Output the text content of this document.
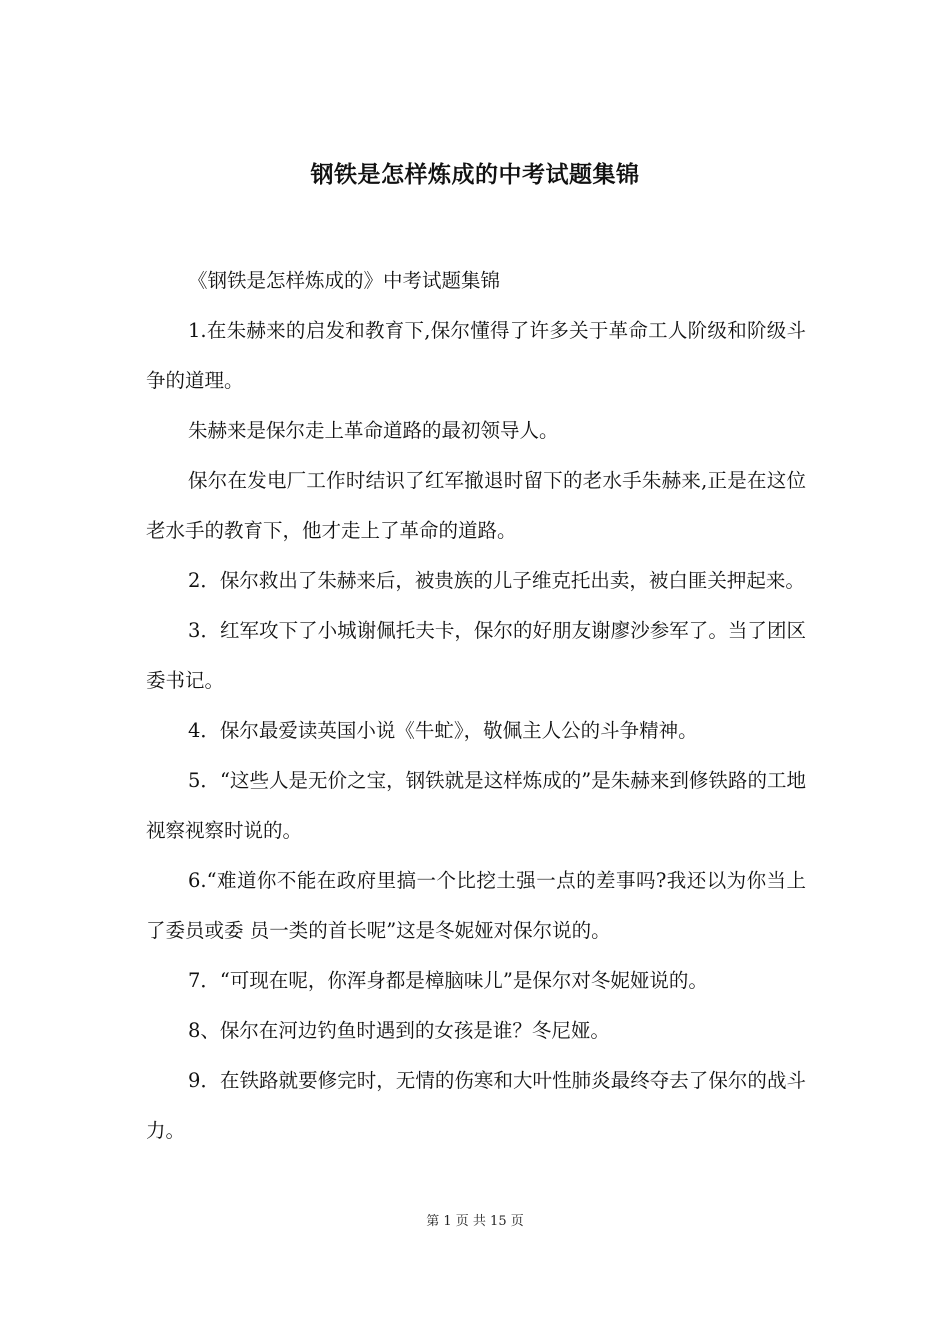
钢铁是怎样炼成的中考试题集锦

《钢铁是怎样炼成的》中考试题集锦

1.在朱赫来的启发和教育下,保尔懂得了许多关于革命工人阶级和阶级斗争的道理。

朱赫来是保尔走上革命道路的最初领导人。

保尔在发电厂工作时结识了红军撤退时留下的老水手朱赫来,正是在这位老水手的教育下，他才走上了革命的道路。

2．保尔救出了朱赫来后，被贵族的儿子维克托出卖，被白匪关押起来。

3．红军攻下了小城谢佩托夫卡，保尔的好朋友谢廖沙参军了。当了团区委书记。

4．保尔最爱读英国小说《牛虻》，敬佩主人公的斗争精神。

5．“这些人是无价之宝，钢铁就是这样炼成的”是朱赫来到修铁路的工地视察视察时说的。

6.“难道你不能在政府里搞一个比挖土强一点的差事吗?我还以为你当上了委员或委 员一类的首长呢”这是冬妮娅对保尔说的。

7．“可现在呢，你浑身都是樟脑味儿”是保尔对冬妮娅说的。

8、保尔在河边钓鱼时遇到的女孩是谁？冬尼娅。

9．在铁路就要修完时，无情的伤寒和大叶性肺炎最终夺去了保尔的战斗力。

第 1 页 共 15 页
